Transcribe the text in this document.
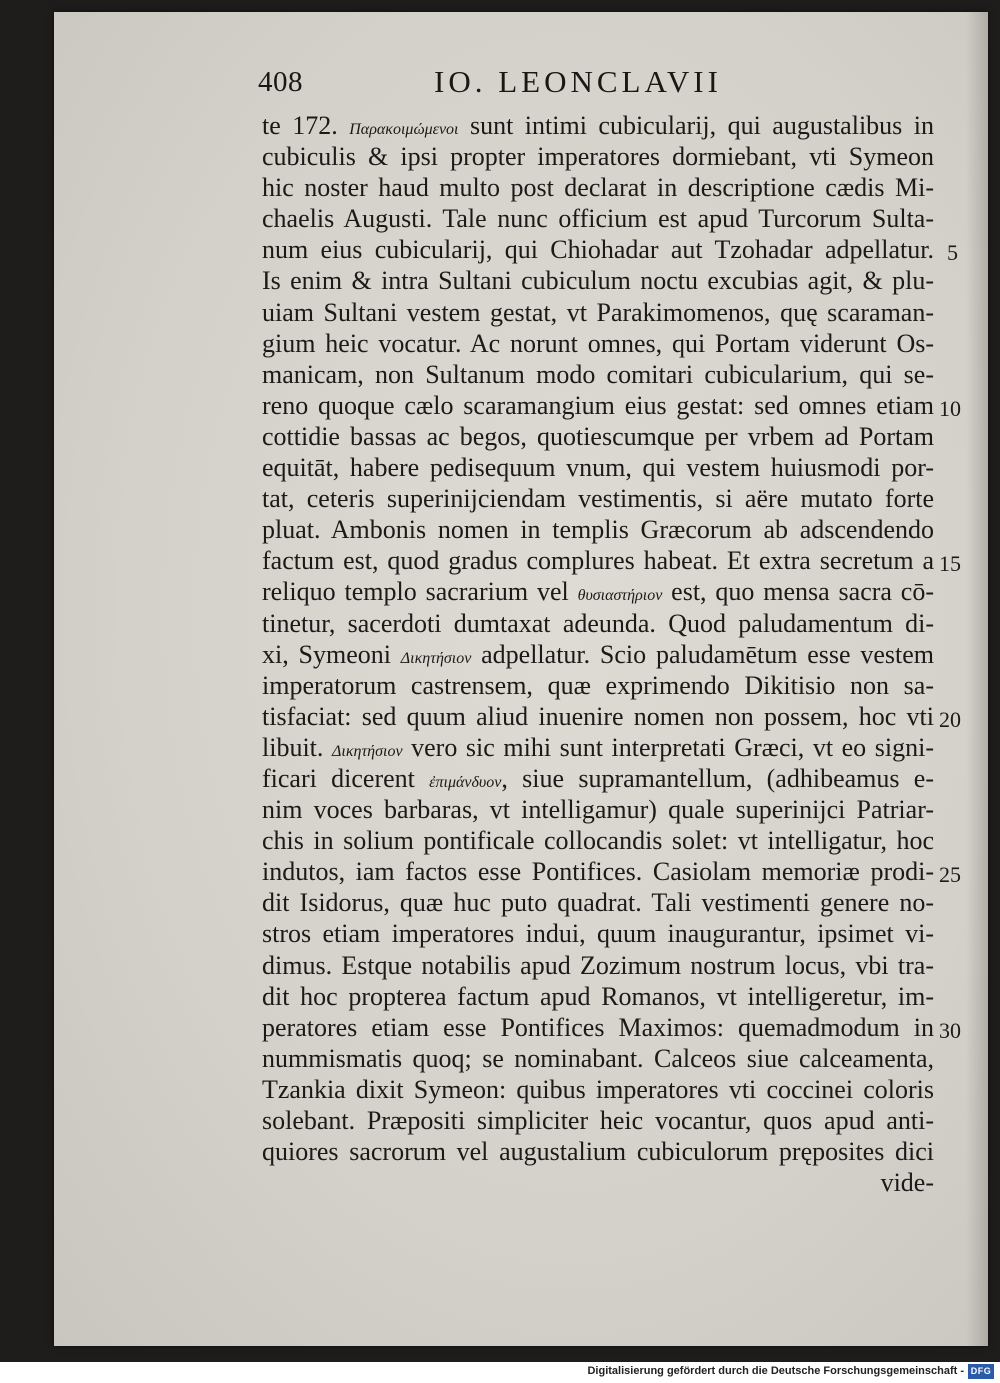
408	IO. LEONCLAVII
te 172. Παρακοιμώμενοι sunt intimi cubicularij, qui augustalibus in
cubiculis & ipsi propter imperatores dormiebant, vti Symeon
hic noster haud multo post declarat in descriptione cædis Mi-
chaelis Augusti. Tale nunc officium est apud Turcorum Sulta-
num eius cubicularij, qui Chiohadar aut Tzohadar adpellatur.
Is enim & intra Sultani cubiculum noctu excubias agit, & plu-
uiam Sultani vestem gestat, vt Parakimomenos, quę scaraman-
gium heic vocatur. Ac norunt omnes, qui Portam viderunt Os-
manicam, non Sultanum modo comitari cubicularium, qui se-
reno quoque cælo scaramangium eius gestat: sed omnes etiam
cottidie bassas ac begos, quotiescumque per vrbem ad Portam
equitāt, habere pedisequum vnum, qui vestem huiusmodi por-
tat, ceteris superinijciendam vestimentis, si aëre mutato forte
pluat. Ambonis nomen in templis Græcorum ab adscendendo
factum est, quod gradus complures habeat. Et extra secretum a
reliquo templo sacrarium vel θυσιαστήριον est, quo mensa sacra cō-
tinetur, sacerdoti dumtaxat adeunda. Quod paludamentum di-
xi, Symeoni Δικητήσιον adpellatur. Scio paludamētum esse vestem
imperatorum castrensem, quæ exprimendo Dikitisio non sa-
tisfaciat: sed quum aliud inuenire nomen non possem, hoc vti
libuit. Δικητήσιον vero sic mihi sunt interpretati Græci, vt eo signi-
ficari dicerent ἐπιμάνδυον, siue supramantellum, (adhibeamus e-
nim voces barbaras, vt intelligamur) quale superinijci Patriar-
chis in solium pontificale collocandis solet: vt intelligatur, hoc
indutos, iam factos esse Pontifices. Casiolam memoriæ prodi-
dit Isidorus, quæ huc puto quadrat. Tali vestimenti genere no-
stros etiam imperatores indui, quum inaugurantur, ipsimet vi-
dimus. Estque notabilis apud Zozimum nostrum locus, vbi tra-
dit hoc propterea factum apud Romanos, vt intelligeretur, im-
peratores etiam esse Pontifices Maximos: quemadmodum in
nummismatis quoq; se nominabant. Calceos siue calceamenta,
Tzankia dixit Symeon: quibus imperatores vti coccinei coloris
solebant. Præpositi simpliciter heic vocantur, quos apud anti-
quiores sacrorum vel augustalium cubiculorum pręposites dici
vide-
5
10
15
20
25
30
Digitalisierung gefördert durch die Deutsche Forschungsgemeinschaft - DFG
